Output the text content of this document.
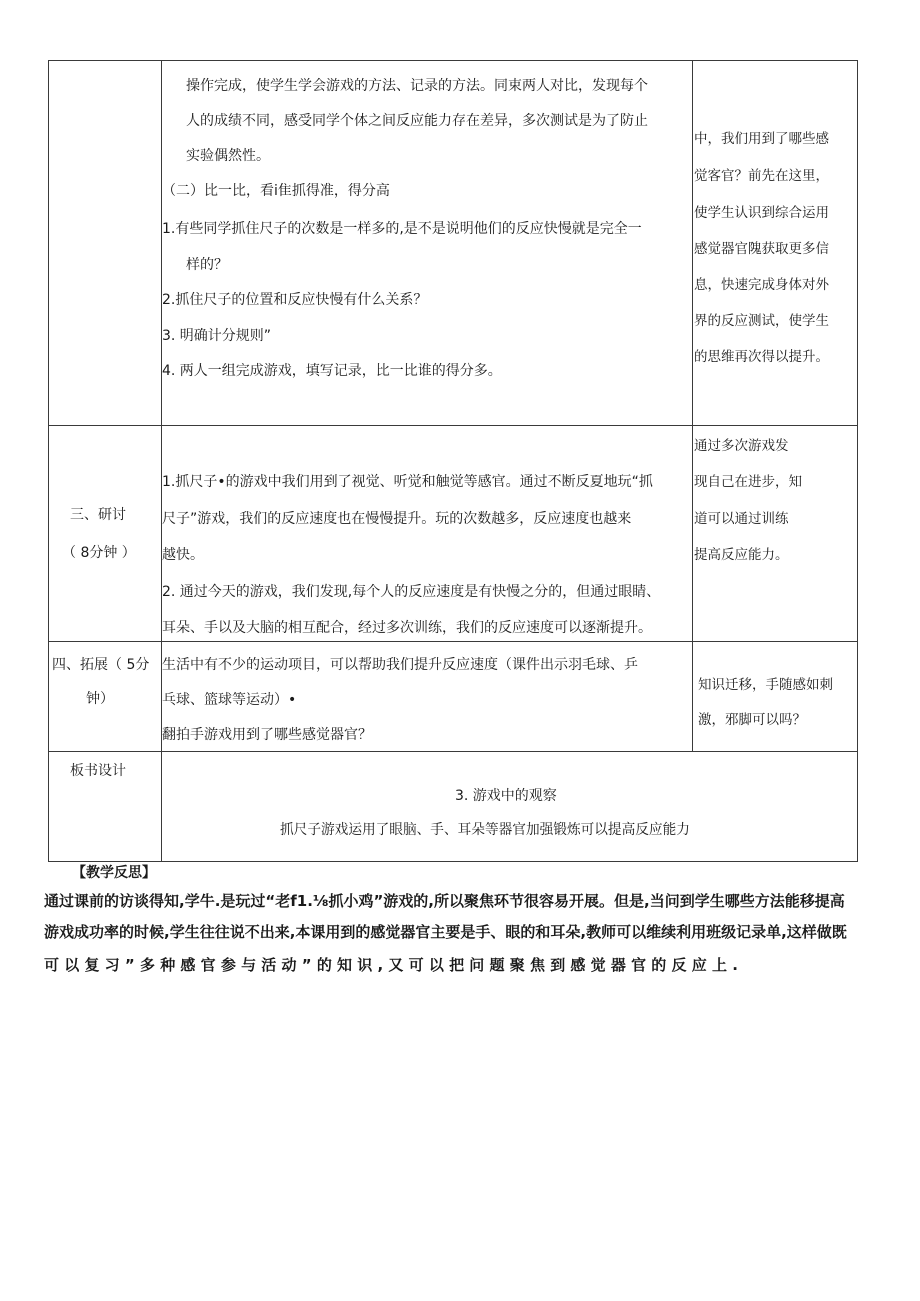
操作完成，使学生学会游戏的方法、记录的方法。同束两人对比，发现每个
人的成绩不同，感受同学个体之间反应能力存在差异，多次测试是为了防止
实验偶然性。
（二）比一比，看i隹抓得准，得分高
1.有些同学抓住尺子的次数是一样多的,是不是说明他们的反应快慢就是完全一
样的？
2.抓住尺子的位置和反应快慢有什么关系？
3. 明确计分规则”
4. 两人一组完成游戏，填写记录，比一比谁的得分多。
中，我们用到了哪些感
觉客官？前先在这里，
使学生认识到综合运用
感觉器官隗获取更多信
息，快速完成身体对外
界的反应测试，使学生
的思维再次得以提升。
三、研讨
（ 8分钟 ）
1.抓尺子•的游戏中我们用到了视觉、听觉和触觉等感官。通过不断反夏地玩“抓
尺子”游戏，我们的反应速度也在慢慢提升。玩的次数越多，反应速度也越来
越快。
2. 通过今天的游戏，我们发现,每个人的反应速度是有快慢之分的，但通过眼睛、
耳朵、手以及大脑的相互配合，经过多次训练，我们的反应速度可以逐渐提升。
通过多次游戏发
现自己在进步，知
道可以通过训练
提高反应能力。
四、拓展（ 5分
钟）
生活中有不少的运动项目，可以帮助我们提升反应速度（课件出示羽毛球、乒
乓球、篮球等运动）•
翻拍手游戏用到了哪些感觉器官？
知识迁移，手随感如刺
激，邪脚可以吗？
板书设计
3. 游戏中的观察
抓尺子游戏运用了眼脑、手、耳朵等器官加强锻炼可以提高反应能力
【教学反思】
通过课前的访谈得知,学牛.是玩过“老f1.⅛抓小鸡”游戏的,所以聚焦环节很容易开展。但是,当问到学生哪些方法能移提高
游戏成功率的时候,学生往往说不出来,本课用到的感觉器官主要是手、眼的和耳朵,教师可以维续利用班级记录单,这样做既
可 以 复 习 ” 多 种 感 官 参 与 活 动 ” 的 知 识 , 又 可 以 把 问 题 聚 焦 到 感 觉 器 官 的 反 应 上 .
